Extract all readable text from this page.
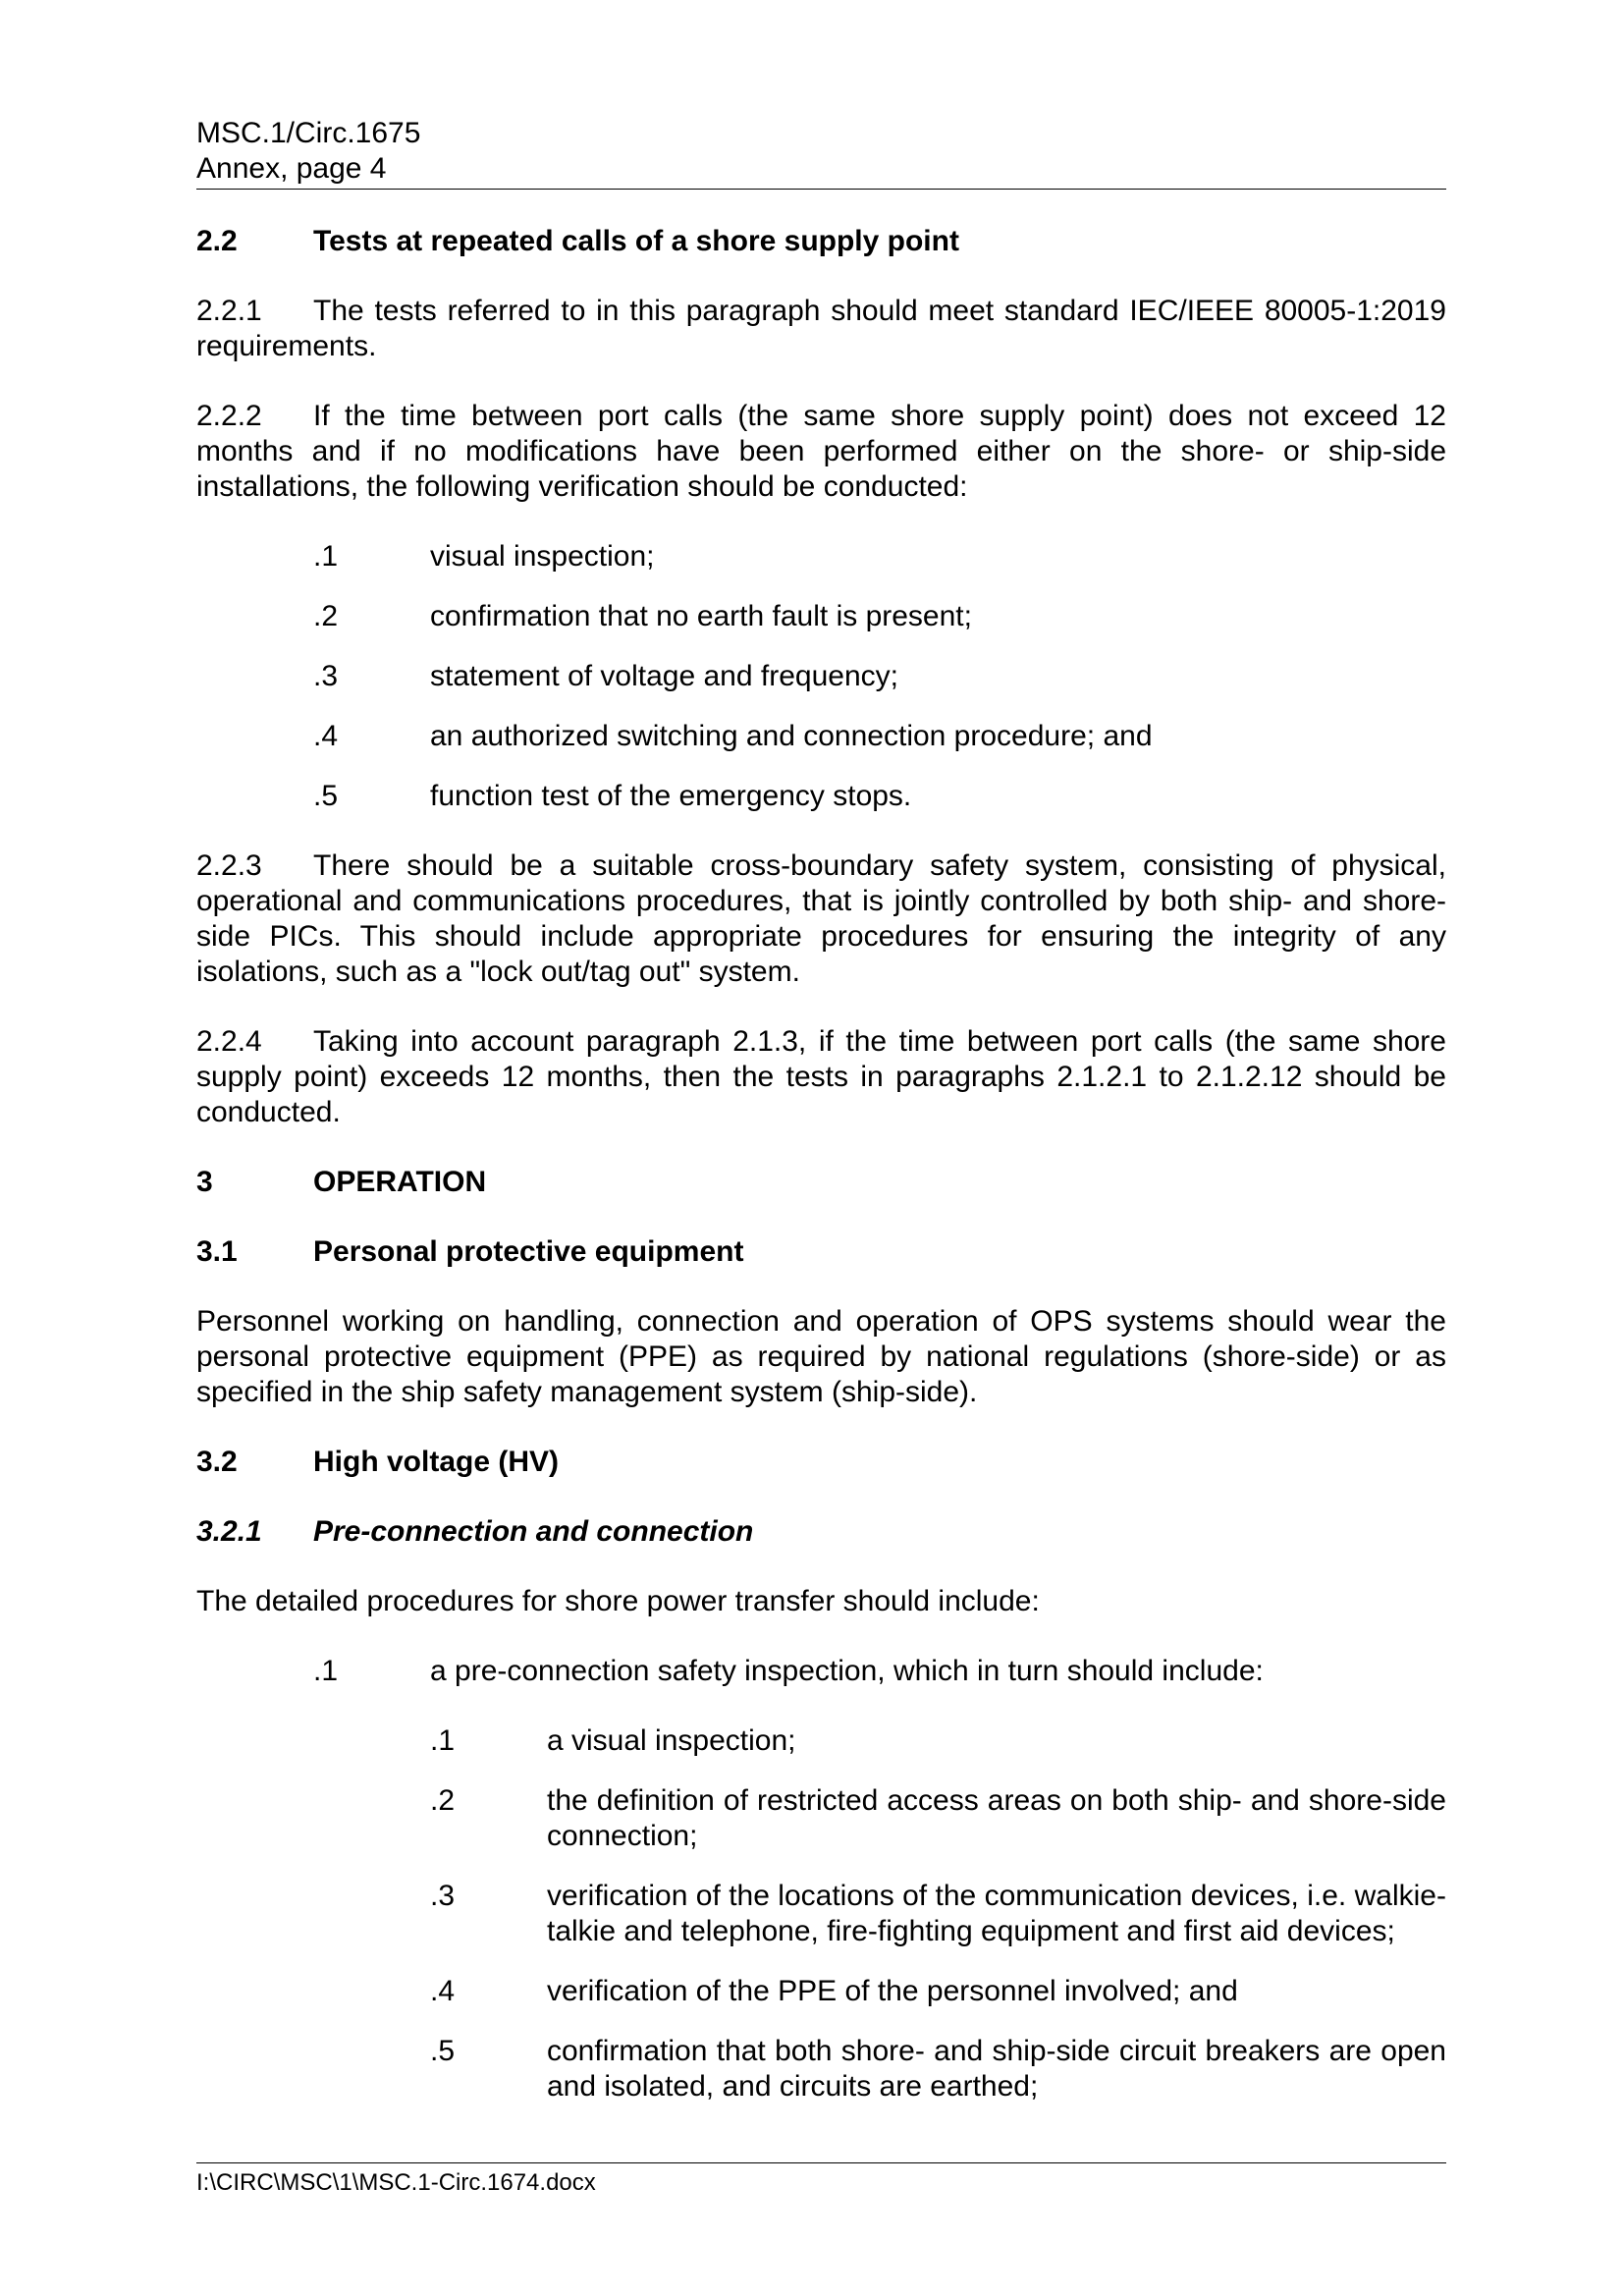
MSC.1/Circ.1675
Annex, page 4
2.2	Tests at repeated calls of a shore supply point

2.2.1 The tests referred to in this paragraph should meet standard IEC/IEEE 80005-1:2019 requirements.

2.2.2 If the time between port calls (the same shore supply point) does not exceed 12 months and if no modifications have been performed either on the shore- or ship-side installations, the following verification should be conducted:

.1	visual inspection;
.2	confirmation that no earth fault is present;
.3	statement of voltage and frequency;
.4	an authorized switching and connection procedure; and
.5	function test of the emergency stops.

2.2.3 There should be a suitable cross-boundary safety system, consisting of physical, operational and communications procedures, that is jointly controlled by both ship- and shore-side PICs. This should include appropriate procedures for ensuring the integrity of any isolations, such as a "lock out/tag out" system.

2.2.4 Taking into account paragraph 2.1.3, if the time between port calls (the same shore supply point) exceeds 12 months, then the tests in paragraphs 2.1.2.1 to 2.1.2.12 should be conducted.

3	OPERATION
3.1	Personal protective equipment

Personnel working on handling, connection and operation of OPS systems should wear the personal protective equipment (PPE) as required by national regulations (shore-side) or as specified in the ship safety management system (ship-side).

3.2	High voltage (HV)
3.2.1	Pre-connection and connection

The detailed procedures for shore power transfer should include:

.1	a pre-connection safety inspection, which in turn should include:
.1	a visual inspection;
.2	the definition of restricted access areas on both ship- and shore-side connection;
.3	verification of the locations of the communication devices, i.e. walkie-talkie and telephone, fire-fighting equipment and first aid devices;
.4	verification of the PPE of the personnel involved; and
.5	confirmation that both shore- and ship-side circuit breakers are open and isolated, and circuits are earthed;
I:\CIRC\MSC\1\MSC.1-Circ.1674.docx
